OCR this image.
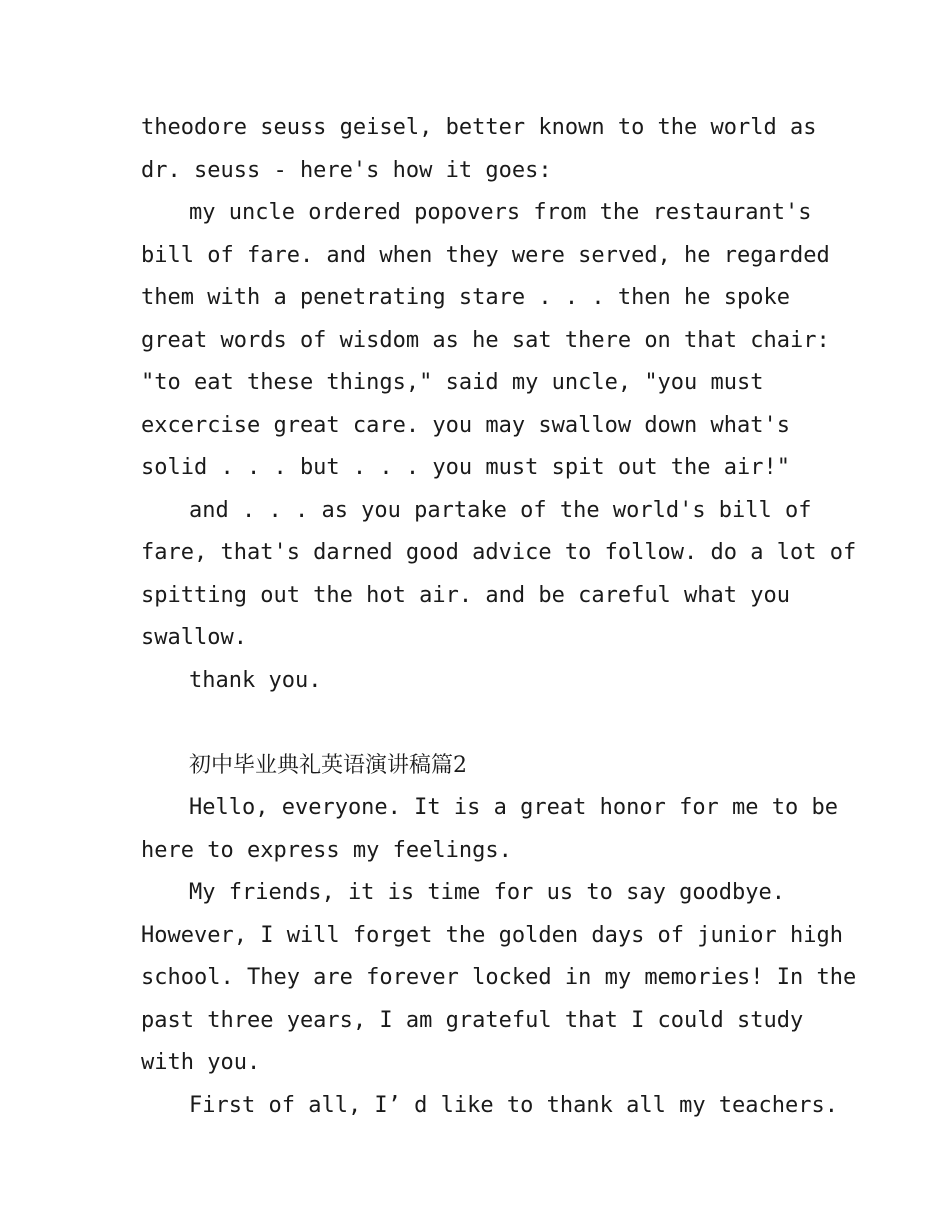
theodore seuss geisel, better known to the world as
dr. seuss - here's how it goes:
my uncle ordered popovers from the restaurant's
bill of fare. and when they were served, he regarded
them with a penetrating stare . . . then he spoke
great words of wisdom as he sat there on that chair:
"to eat these things," said my uncle, "you must
excercise great care. you may swallow down what's
solid . . . but . . . you must spit out the air!"
and . . . as you partake of the world's bill of
fare, that's darned good advice to follow. do a lot of
spitting out the hot air. and be careful what you
swallow.
thank you.
初中毕业典礼英语演讲稿篇2
Hello, everyone. It is a great honor for me to be
here to express my feelings.
My friends, it is time for us to say goodbye.
However, I will forget the golden days of junior high
school. They are forever locked in my memories! In the
past three years, I am grateful that I could study
with you.
First of all, I’ d like to thank all my teachers.
